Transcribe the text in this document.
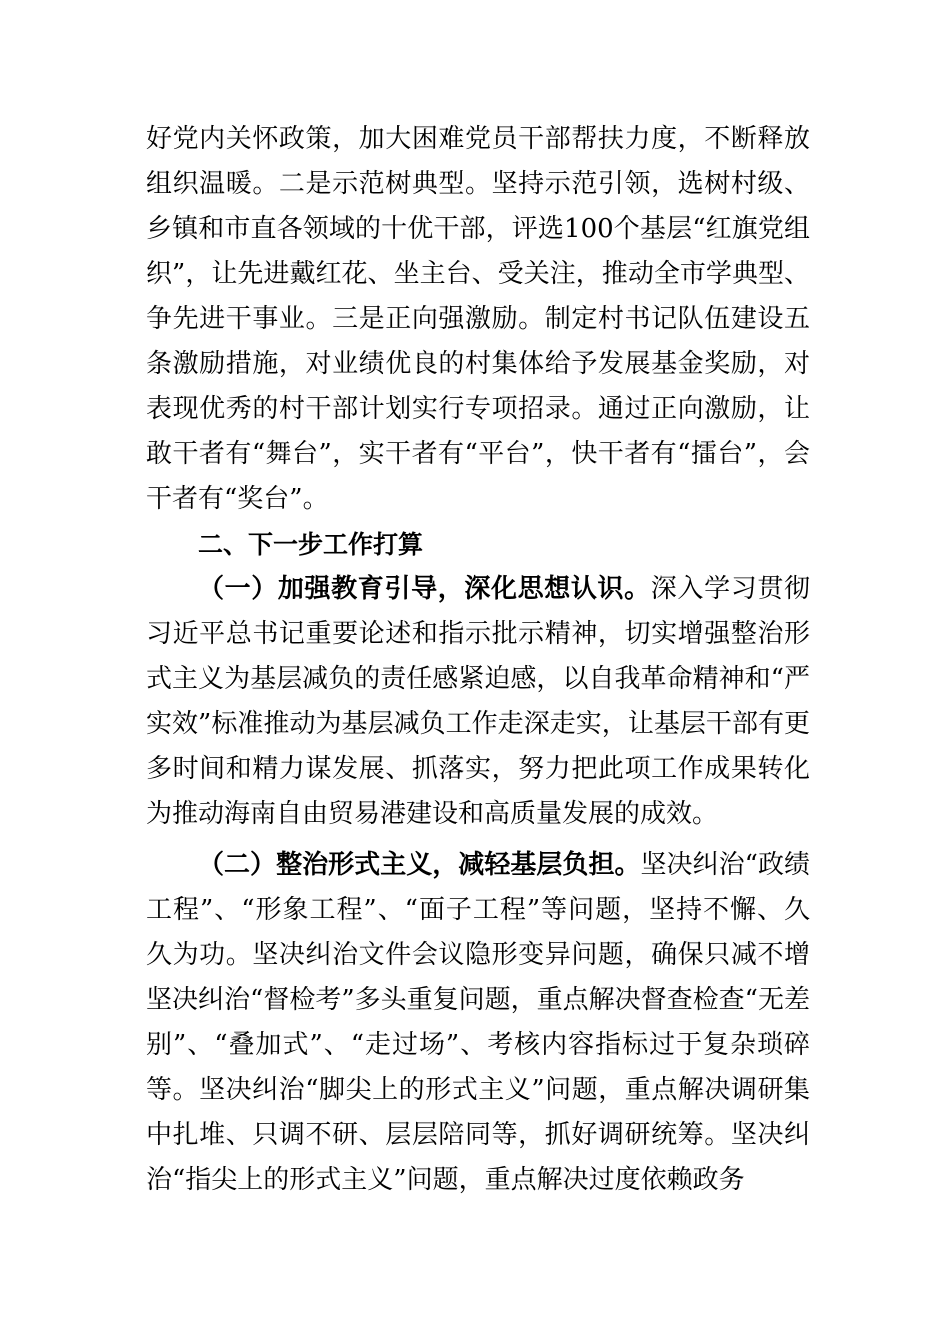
好党内关怀政策，加大困难党员干部帮扶力度，不断释放组织温暖。二是示范树典型。坚持示范引领，选树村级、乡镇和市直各领域的十优干部，评选100个基层“红旗党组织”，让先进戴红花、坐主台、受关注，推动全市学典型、争先进干事业。三是正向强激励。制定村书记队伍建设五条激励措施，对业绩优良的村集体给予发展基金奖励，对表现优秀的村干部计划实行专项招录。通过正向激励，让敢干者有“舞台”，实干者有“平台”，快干者有“擂台”，会干者有“奖台”。

二、下一步工作打算

（一）加强教育引导，深化思想认识。深入学习贯彻习近平总书记重要论述和指示批示精神，切实增强整治形式主义为基层减负的责任感紧迫感，以自我革命精神和“严实效”标准推动为基层减负工作走深走实，让基层干部有更多时间和精力谋发展、抓落实，努力把此项工作成果转化为推动海南自由贸易港建设和高质量发展的成效。

（二）整治形式主义，减轻基层负担。坚决纠治“政绩工程”、“形象工程”、“面子工程”等问题，坚持不懈、久久为功。坚决纠治文件会议隐形变异问题，确保只减不增坚决纠治“督检考”多头重复问题，重点解决督查检查“无差别”、“叠加式”、“走过场”、考核内容指标过于复杂琐碎等。坚决纠治“脚尖上的形式主义”问题，重点解决调研集中扎堆、只调不研、层层陪同等，抓好调研统筹。坚决纠治“指尖上的形式主义”问题，重点解决过度依赖政务
